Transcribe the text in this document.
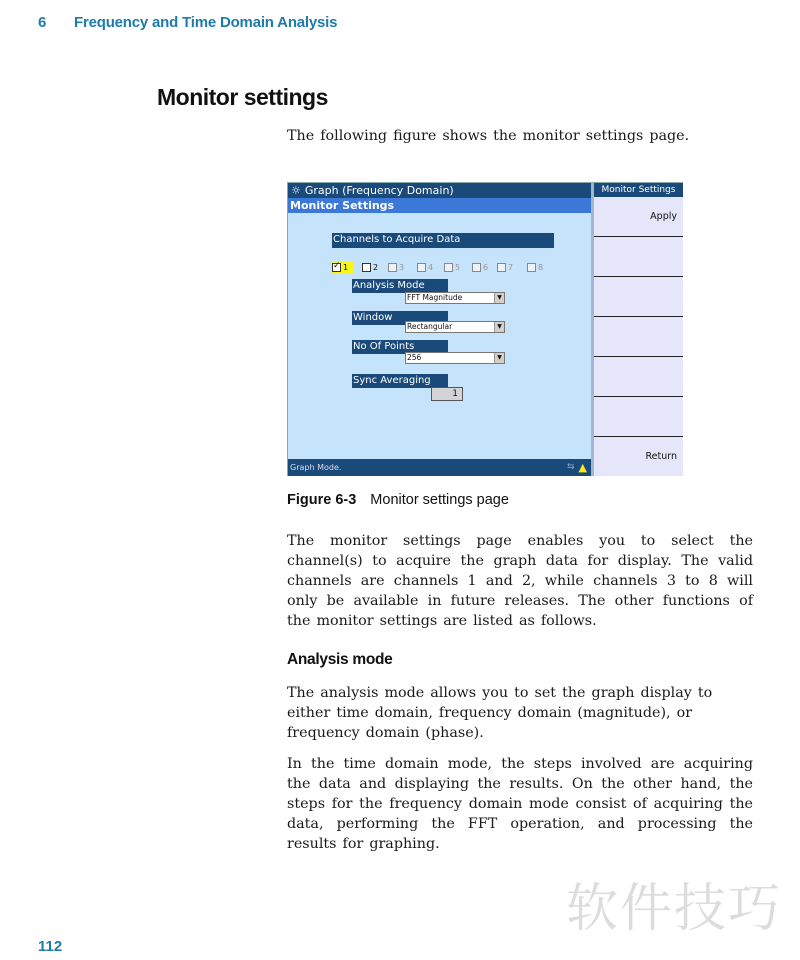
6 Frequency and Time Domain Analysis
Monitor settings

The following figure shows the monitor settings page.

☼ Graph (Frequency Domain)
Monitor Settings
Channels to Acquire Data
✓
1	2	3	4	5	6 7	8
Analysis Mode
FFT Magnitude	▼
Window
Rectangular	▼
No Of Points
256	▼
Sync Averaging
1
Graph Mode.	⇆ ▲
Monitor Settings
Apply
Return
Figure 6-3 Monitor settings page

The monitor settings page enables you to select the channel(s) to acquire the graph data for display. The valid channels are channels 1 and 2, while channels 3 to 8 will only be available in future releases. The other functions of the monitor settings are listed as follows.

Analysis mode

The analysis mode allows you to set the graph display to either time domain, frequency domain (magnitude), or frequency domain (phase).

In the time domain mode, the steps involved are acquiring the data and displaying the results. On the other hand, the steps for the frequency domain mode consist of acquiring the data, performing the FFT operation, and processing the results for graphing.

软件技巧
112
